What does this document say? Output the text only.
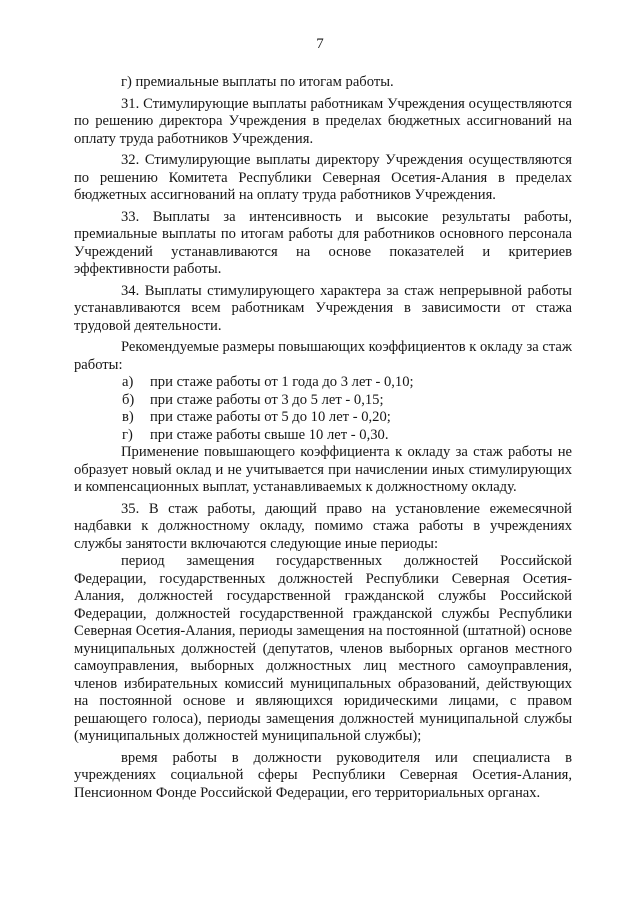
7

г) премиальные выплаты по итогам работы.

31. Стимулирующие выплаты работникам Учреждения осуществляются по решению директора Учреждения в пределах бюджетных ассигнований на оплату труда работников Учреждения.

32. Стимулирующие выплаты директору Учреждения осуществляются по решению Комитета Республики Северная Осетия-Алания в пределах бюджетных ассигнований на оплату труда работников Учреждения.

33. Выплаты за интенсивность и высокие результаты работы, премиальные выплаты по итогам работы для работников основного персонала Учреждений устанавливаются на основе показателей и критериев эффективности работы.

34. Выплаты стимулирующего характера за стаж непрерывной работы устанавливаются всем работникам Учреждения в зависимости от стажа трудовой деятельности.

Рекомендуемые размеры повышающих коэффициентов к окладу за стаж работы:

а)	при стаже работы от 1 года до 3 лет - 0,10;

б)	при стаже работы от 3 до 5 лет - 0,15;

в)	при стаже работы от 5 до 10 лет - 0,20;

г)	при стаже работы свыше 10 лет - 0,30.

Применение повышающего коэффициента к окладу за стаж работы не образует новый оклад и не учитывается при начислении иных стимулирующих и компенсационных выплат, устанавливаемых к должностному окладу.

35. В стаж работы, дающий право на установление ежемесячной надбавки к должностному окладу, помимо стажа работы в учреждениях службы занятости включаются следующие иные периоды:

период замещения государственных должностей Российской Федерации, государственных должностей Республики Северная Осетия-Алания, должностей государственной гражданской службы Российской Федерации, должностей государственной гражданской службы Республики Северная Осетия-Алания, периоды замещения на постоянной (штатной) основе муниципальных должностей (депутатов, членов выборных органов местного самоуправления, выборных должностных лиц местного самоуправления, членов избирательных комиссий муниципальных образований, действующих на постоянной основе и являющихся юридическими лицами, с правом решающего голоса), периоды замещения должностей муниципальной службы (муниципальных должностей муниципальной службы);

время работы в должности руководителя или специалиста в учреждениях социальной сферы Республики Северная Осетия-Алания, Пенсионном Фонде Российской Федерации, его территориальных органах.
